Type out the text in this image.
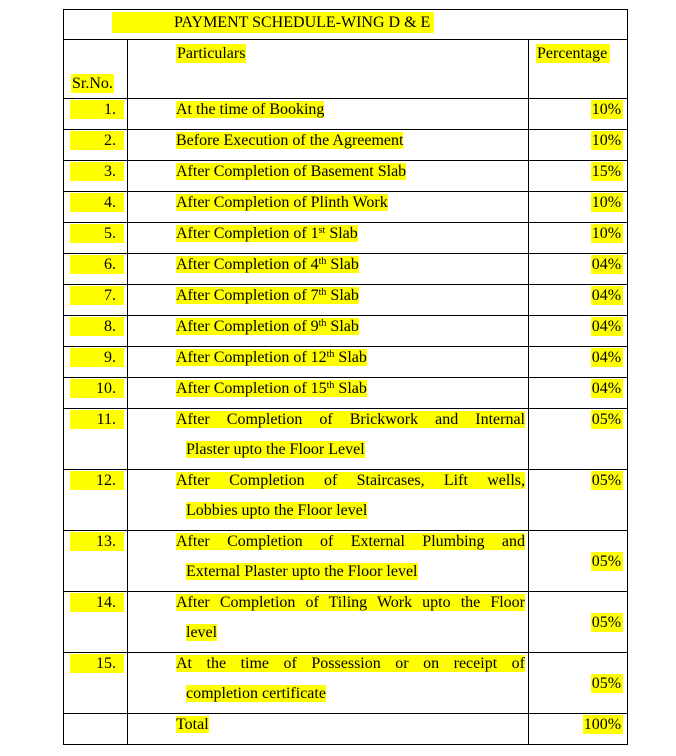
PAYMENT SCHEDULE-WING D & E		

Sr.No.	Particulars	Percentage

1.	At the time of Booking	10%

2.	Before Execution of the Agreement	10%

3.	After Completion of Basement Slab	15%

4.	After Completion of Plinth Work	10%

5.	After Completion of 1st Slab	10%

6.	After Completion of 4th Slab	04%

7.	After Completion of 7th Slab	04%

8.	After Completion of 9th Slab	04%

9.	After Completion of 12th Slab	04%

10.	After Completion of 15th Slab	04%

11.	After Completion of Brickwork and Internal
Plaster upto the Floor Level	05%

12.	After Completion of Staircases, Lift wells,
Lobbies upto the Floor level	05%

13.	After Completion of External Plumbing and
External Plaster upto the Floor level	05%

14.	After Completion of Tiling Work upto the Floor
level	05%

15.	At the time of Possession or on receipt of
completion certificate	05%
	Total	100%
